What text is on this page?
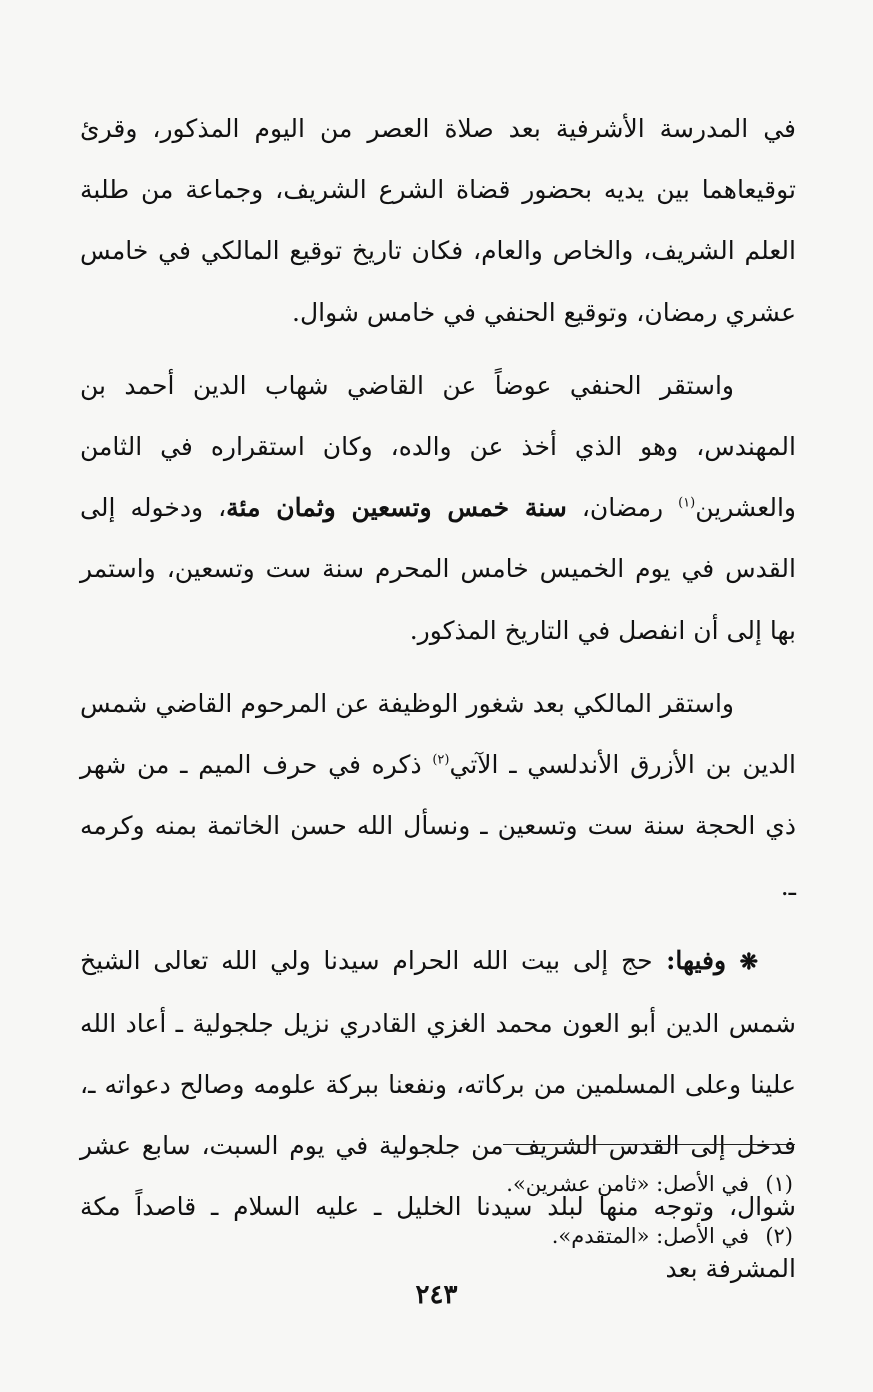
في المدرسة الأشرفية بعد صلاة العصر من اليوم المذكور، وقرئ توقيعاهما بين يديه بحضور قضاة الشرع الشريف، وجماعة من طلبة العلم الشريف، والخاص والعام، فكان تاريخ توقيع المالكي في خامس عشري رمضان، وتوقيع الحنفي في خامس شوال.

واستقر الحنفي عوضاً عن القاضي شهاب الدين أحمد بن المهندس، وهو الذي أخذ عن والده، وكان استقراره في الثامن والعشرين$^{(١)}$ رمضان، سنة خمس وتسعين وثمان مئة، ودخوله إلى القدس في يوم الخميس خامس المحرم سنة ست وتسعين، واستمر بها إلى أن انفصل في التاريخ المذكور.

واستقر المالكي بعد شغور الوظيفة عن المرحوم القاضي شمس الدين بن الأزرق الأندلسي ـ الآتي$^{(٢)}$ ذكره في حرف الميم ـ من شهر ذي الحجة سنة ست وتسعين ـ ونسأل الله حسن الخاتمة بمنه وكرمه ـ.

❋ وفيها: حج إلى بيت الله الحرام سيدنا ولي الله تعالى الشيخ شمس الدين أبو العون محمد الغزي القادري نزيل جلجولية ـ أعاد الله علينا وعلى المسلمين من بركاته، ونفعنا ببركة علومه وصالح دعواته ـ، فدخل إلى القدس الشريف من جلجولية في يوم السبت، سابع عشر شوال، وتوجه منها لبلد سيدنا الخليل ـ عليه السلام ـ قاصداً مكة المشرفة بعد

(١)في الأصل: «ثامن عشرين».
(٢)في الأصل: «المتقدم».
٢٤٣
